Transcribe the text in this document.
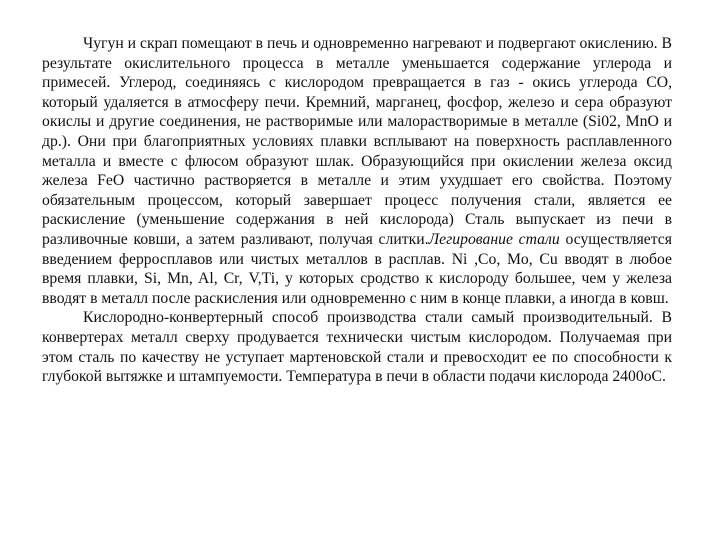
Чугун и скрап помещают в печь и одновременно нагревают и подвергают окислению. В результате окислительного процесса в металле уменьшается содержание углерода и примесей. Углерод, соединяясь с кислородом превращается в газ - окись углерода СО, который удаляется в атмосферу печи. Кремний, марганец, фосфор, железо и сера образуют окислы и другие соединения, не растворимые или малорастворимые в металле (Si02, MnO и др.). Они при благоприятных условиях плавки всплывают на поверхность расплавленного металла и вместе с флюсом образуют шлак. Образующийся при окислении железа оксид железа FeO частично растворяется в металле и этим ухудшает его свойства. Поэтому обязательным процессом, который завершает процесс получения стали, является ее раскисление (уменьшение содержания в ней кислорода) Сталь выпускает из печи в разливочные ковши, а затем разливают, получая слитки.Легирование стали осуществляется введением ферросплавов или чистых металлов в расплав. Ni ,Co, Mo, Cu вводят в любое время плавки, Si, Mn, Al, Cr, V,Ti, у которых сродство к кислороду большее, чем у железа вводят в металл после раскисления или одновременно с ним в конце плавки, а иногда в ковш.

Кислородно-конвертерный способ производства стали самый производительный. В конвертерах металл сверху продувается технически чистым кислородом. Получаемая при этом сталь по качеству не уступает мартеновской стали и превосходит ее по способности к глубокой вытяжке и штампуемости. Температура в печи в области подачи кислорода 2400оС.
